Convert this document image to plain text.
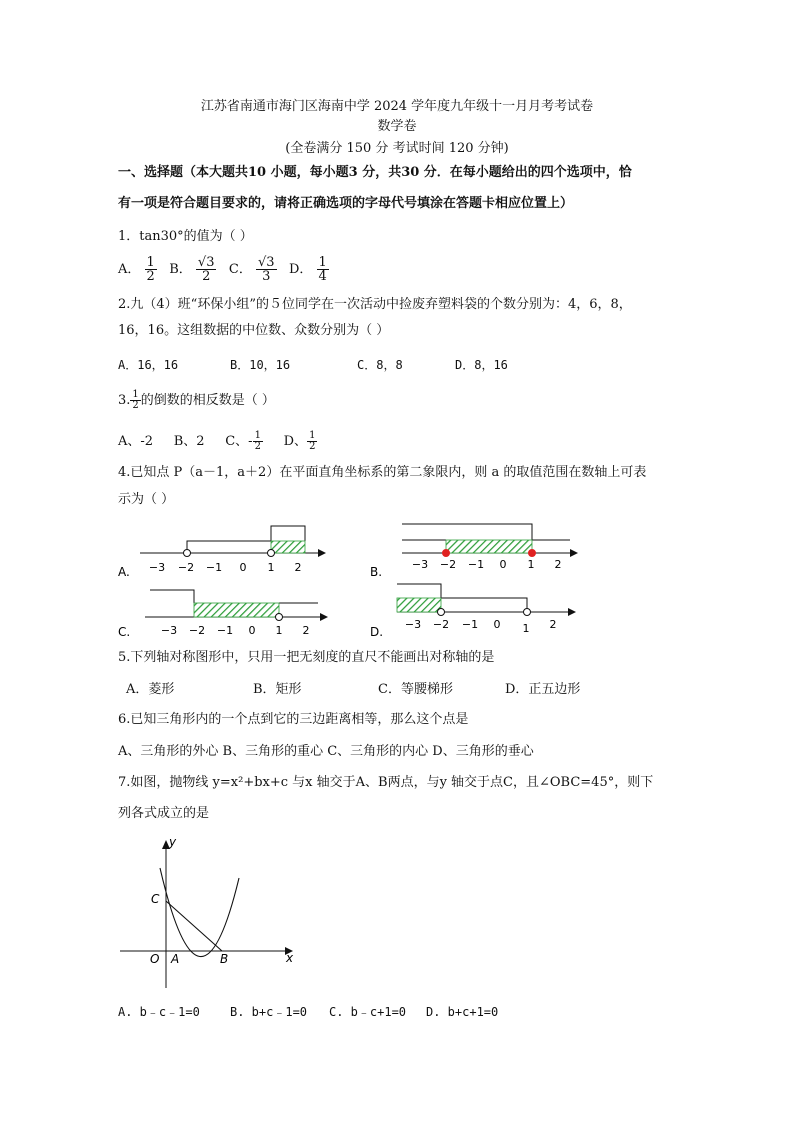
江苏省南通市海门区海南中学 2024 学年度九年级十一月月考考试卷
数学卷
(全卷满分 150 分 考试时间 120 分钟)
一、选择题（本大题共10 小题，每小题3 分，共30 分．在每小题给出的四个选项中，恰
有一项是符合题目要求的，请将正确选项的字母代号填涂在答题卡相应位置上）
1．tan30°的值为（ ）
A． $\frac{1}{2}$ B． $\frac{√3}{2}$ C． $\frac{√3}{3}$ D． $\frac{1}{4}$
2.九（4）班“环保小组”的５位同学在一次活动中捡废弃塑料袋的个数分别为：4，6，8，
16，16。这组数据的中位数、众数分别为（ ）
A．16，16	B．10，16	C．8，8	D．8，16
3. $\frac{1}{2}$ 的倒数的相反数是（ ）
A、-2 B、2 C、- $\frac{1}{2}$ D、 $\frac{1}{2}$
4.已知点 P（a－1，a＋2）在平面直角坐标系的第二象限内，则 a 的取值范围在数轴上可表
示为（ ）
A. −3 −2 −1 0 1 2	B.
−3 −2 −1 0 1 2
C.	−3 −2 −1 0 1 2	D.
−3 −2 −1 0 1 2
y
x
O A	B
C
5.下列轴对称图形中，只用一把无刻度的直尺不能画出对称轴的是
A．菱形	B．矩形	C．等腰梯形	D．正五边形
6.已知三角形内的一个点到它的三边距离相等，那么这个点是
A、三角形的外心 B、三角形的重心 C、三角形的内心 D、三角形的垂心
7.如图，抛物线 y=x²+bx+c 与x 轴交于A、B两点，与y 轴交于点C，且∠OBC=45°，则下
列各式成立的是
A. b﹣c﹣1=0	B. b+c﹣1=0 C. b﹣c+1=0 D. b+c+1=0
